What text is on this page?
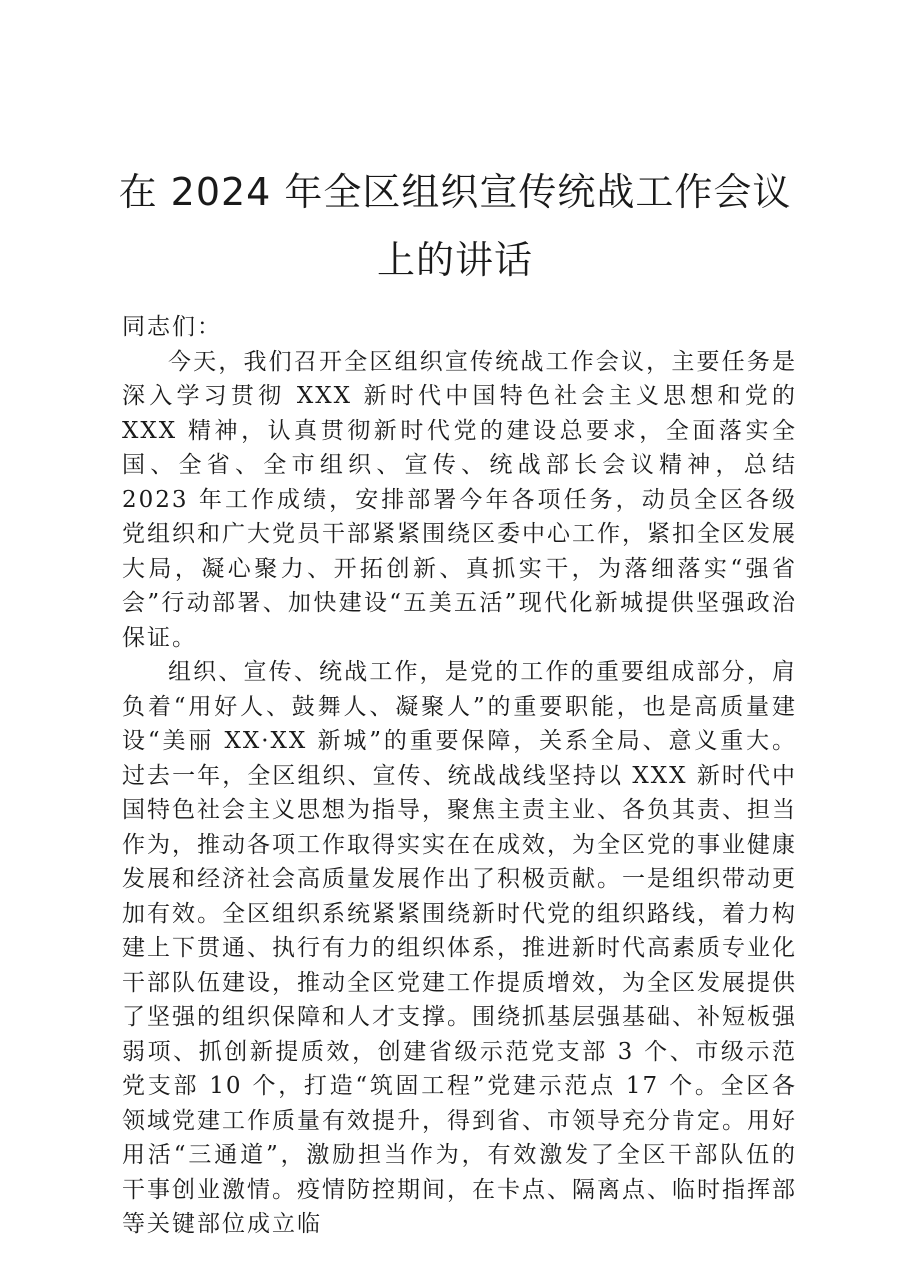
在 2024 年全区组织宣传统战工作会议上的讲话

同志们：

今天，我们召开全区组织宣传统战工作会议，主要任务是深入学习贯彻 XXX 新时代中国特色社会主义思想和党的 XXX 精神，认真贯彻新时代党的建设总要求，全面落实全国、全省、全市组织、宣传、统战部长会议精神，总结 2023 年工作成绩，安排部署今年各项任务，动员全区各级党组织和广大党员干部紧紧围绕区委中心工作，紧扣全区发展大局，凝心聚力、开拓创新、真抓实干，为落细落实“强省会”行动部署、加快建设“五美五活”现代化新城提供坚强政治保证。

组织、宣传、统战工作，是党的工作的重要组成部分，肩负着“用好人、鼓舞人、凝聚人”的重要职能，也是高质量建设“美丽 XX·XX 新城”的重要保障，关系全局、意义重大。过去一年，全区组织、宣传、统战战线坚持以 XXX 新时代中国特色社会主义思想为指导，聚焦主责主业、各负其责、担当作为，推动各项工作取得实实在在成效，为全区党的事业健康发展和经济社会高质量发展作出了积极贡献。一是组织带动更加有效。全区组织系统紧紧围绕新时代党的组织路线，着力构建上下贯通、执行有力的组织体系，推进新时代高素质专业化干部队伍建设，推动全区党建工作提质增效，为全区发展提供了坚强的组织保障和人才支撑。围绕抓基层强基础、补短板强弱项、抓创新提质效，创建省级示范党支部 3 个、市级示范党支部 10 个，打造“筑固工程”党建示范点 17 个。全区各领域党建工作质量有效提升，得到省、市领导充分肯定。用好用活“三通道”，激励担当作为，有效激发了全区干部队伍的干事创业激情。疫情防控期间，在卡点、隔离点、临时指挥部等关键部位成立临
